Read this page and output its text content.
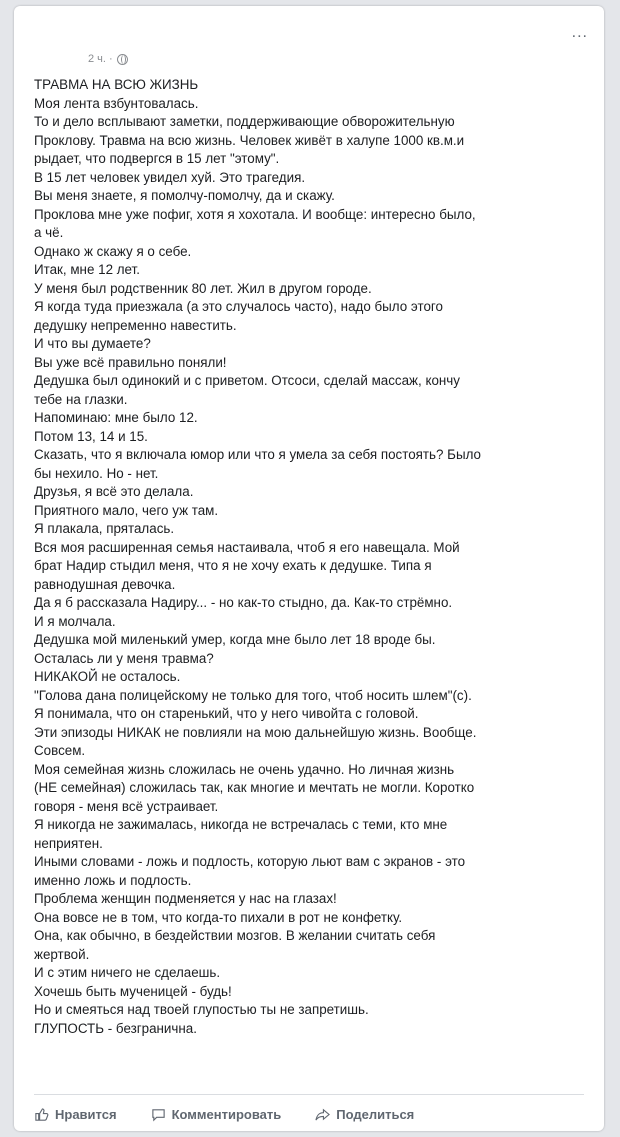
...
2 ч. ·
ТРАВМА НА ВСЮ ЖИЗНЬ
Моя лента взбунтовалась.
То и дело всплывают заметки, поддерживающие обворожительную
Проклову. Травма на всю жизнь. Человек живёт в халупе 1000 кв.м.и
рыдает, что подвергся в 15 лет "этому".
В 15 лет человек увидел хуй. Это трагедия.
Вы меня знаете, я помолчу-помолчу, да и скажу.
Проклова мне уже пофиг, хотя я хохотала. И вообще: интересно было,
а чё.
Однако ж скажу я о себе.
Итак, мне 12 лет.
У меня был родственник 80 лет. Жил в другом городе.
Я когда туда приезжала (а это случалось часто), надо было этого
дедушку непременно навестить.
И что вы думаете?
Вы уже всё правильно поняли!
Дедушка был одинокий и с приветом. Отсоси, сделай массаж, кончу
тебе на глазки.
Напоминаю: мне было 12.
Потом 13, 14 и 15.
Сказать, что я включала юмор или что я умела за себя постоять? Было
бы нехило. Но - нет.
Друзья, я всё это делала.
Приятного мало, чего уж там.
Я плакала, пряталась.
Вся моя расширенная семья настаивала, чтоб я его навещала. Мой
брат Надир стыдил меня, что я не хочу ехать к дедушке. Типа я
равнодушная девочка.
Да я б рассказала Надиру... - но как-то стыдно, да. Как-то стрёмно.
И я молчала.
Дедушка мой миленький умер, когда мне было лет 18 вроде бы.
Осталась ли у меня травма?
НИКАКОЙ не осталось.
"Голова дана полицейскому не только для того, чтоб носить шлем"(с).
Я понимала, что он старенький, что у него чивойта с головой.
Эти эпизоды НИКАК не повлияли на мою дальнейшую жизнь. Вообще.
Совсем.
Моя семейная жизнь сложилась не очень удачно. Но личная жизнь
(НЕ семейная) сложилась так, как многие и мечтать не могли. Коротко
говоря - меня всё устраивает.
Я никогда не зажималась, никогда не встречалась с теми, кто мне
неприятен.
Иными словами - ложь и подлость, которую льют вам с экранов - это
именно ложь и подлость.
Проблема женщин подменяется у нас на глазах!
Она вовсе не в том, что когда-то пихали в рот не конфетку.
Она, как обычно, в бездействии мозгов. В желании считать себя
жертвой.
И с этим ничего не сделаешь.
Хочешь быть мученицей - будь!
Но и смеяться над твоей глупостью ты не запретишь.
ГЛУПОСТЬ - безгранична.
Нравится	Комментировать	Поделиться
